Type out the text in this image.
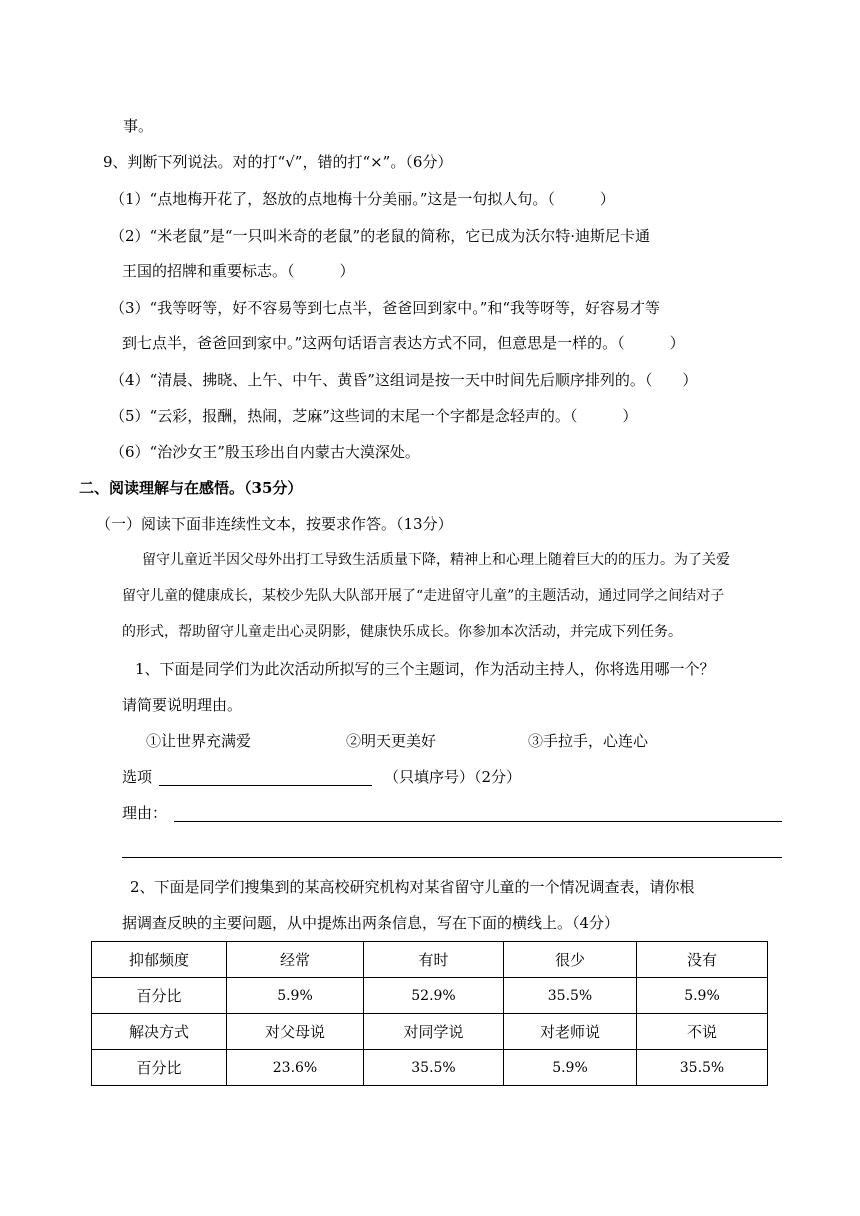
事。
9、判断下列说法。对的打“√”，错的打“×”。（6分）
（1）“点地梅开花了，怒放的点地梅十分美丽。”这是一句拟人句。（　　　）
（2）“米老鼠”是“一只叫米奇的老鼠”的老鼠的简称，它已成为沃尔特·迪斯尼卡通
王国的招牌和重要标志。（　　　）
（3）“我等呀等，好不容易等到七点半，爸爸回到家中。”和“我等呀等，好容易才等
到七点半，爸爸回到家中。”这两句话语言表达方式不同，但意思是一样的。（　　　）
（4）“清晨、拂晓、上午、中午、黄昏”这组词是按一天中时间先后顺序排列的。（　　）
（5）“云彩，报酬，热闹，芝麻”这些词的末尾一个字都是念轻声的。（　　　）
（6）“治沙女王”殷玉珍出自内蒙古大漠深处。
二、阅读理解与在感悟。（35分）
（一）阅读下面非连续性文本，按要求作答。（13分）
留守儿童近半因父母外出打工导致生活质量下降，精神上和心理上随着巨大的的压力。为了关爱
留守儿童的健康成长，某校少先队大队部开展了“走进留守儿童”的主题活动，通过同学之间结对子
的形式，帮助留守儿童走出心灵阴影，健康快乐成长。你参加本次活动，并完成下列任务。
1、下面是同学们为此次活动所拟写的三个主题词，作为活动主持人，你将选用哪一个？
请简要说明理由。
①让世界充满爱	②明天更美好	③手拉手，心连心
选项	（只填序号）（2分）
理由：
2、下面是同学们搜集到的某高校研究机构对某省留守儿童的一个情况调查表，请你根
据调查反映的主要问题，从中提炼出两条信息，写在下面的横线上。（4分）
抑郁频度	经常	有时	很少	没有
百分比	5.9%	52.9%	35.5%	5.9%
解决方式	对父母说	对同学说	对老师说	不说
百分比	23.6%	35.5%	5.9%	35.5%
